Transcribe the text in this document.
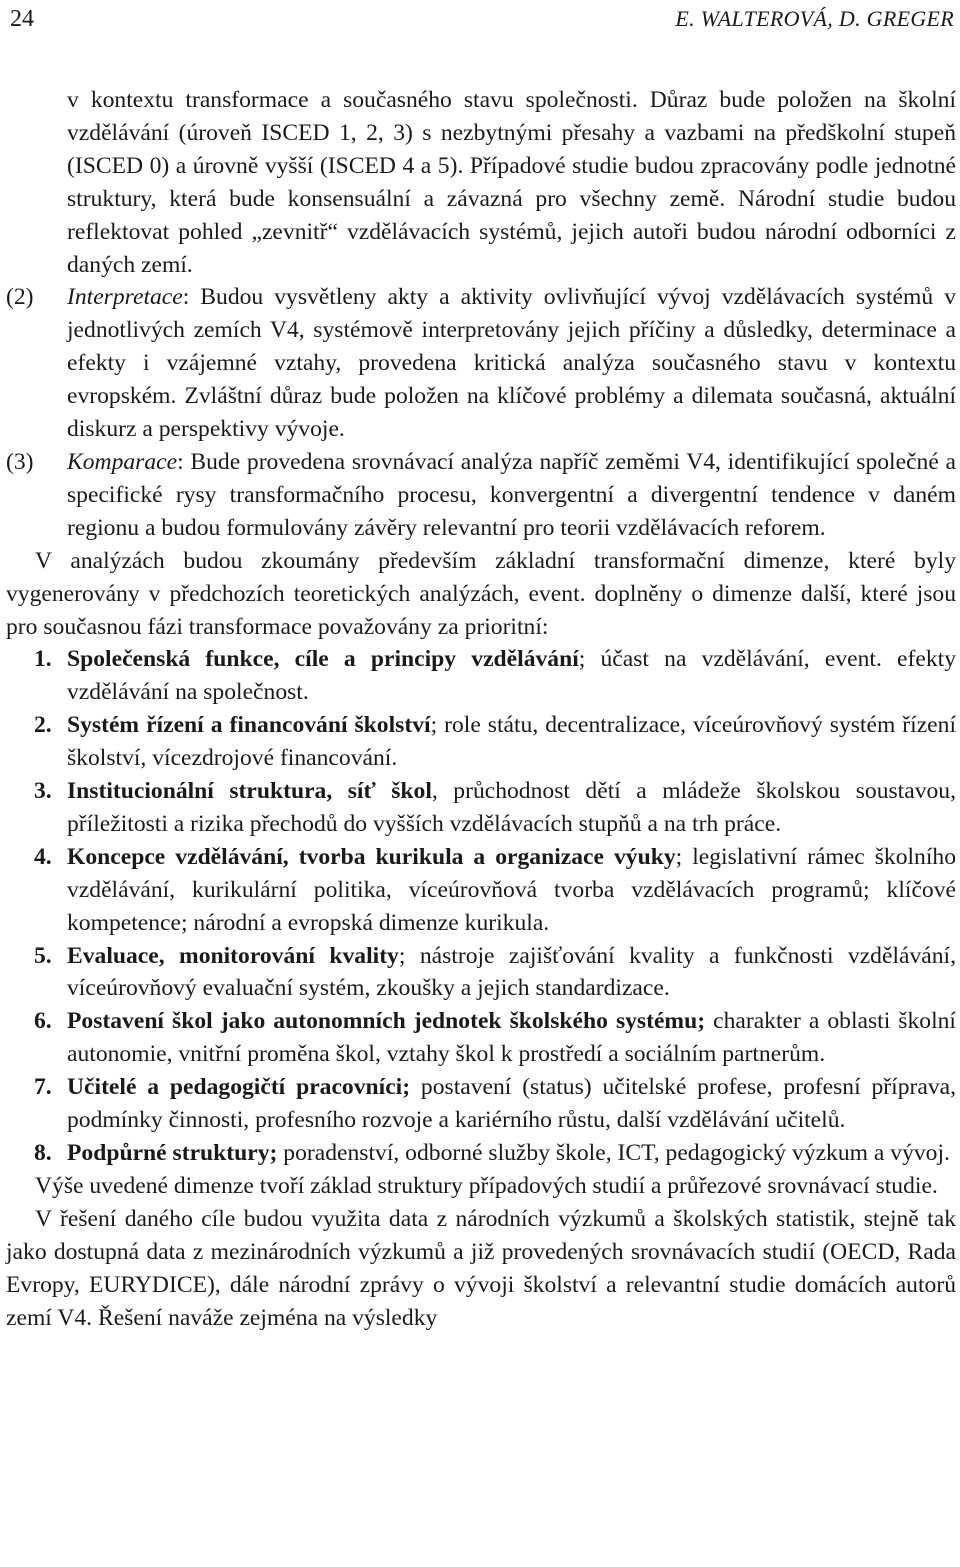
24	E. WALTEROVÁ, D. GREGER

v kontextu transformace a současného stavu společnosti. Důraz bude položen na školní vzdělávání (úroveň ISCED 1, 2, 3) s nezbytnými přesahy a vazbami na předškolní stupeň (ISCED 0) a úrovně vyšší (ISCED 4 a 5). Případové studie budou zpracovány podle jednotné struktury, která bude konsensuální a závazná pro všechny země. Národní studie budou reflektovat pohled „zevnitř“ vzdělávacích systémů, jejich autoři budou národní odborníci z daných zemí.

(2) Interpretace: Budou vysvětleny akty a aktivity ovlivňující vývoj vzdělávacích systémů v jednotlivých zemích V4, systémově interpretovány jejich příčiny a důsledky, determinace a efekty i vzájemné vztahy, provedena kritická analýza současného stavu v kontextu evropském. Zvláštní důraz bude položen na klíčové problémy a dilemata současná, aktuální diskurz a perspektivy vývoje.

(3) Komparace: Bude provedena srovnávací analýza napříč zeměmi V4, identifikující společné a specifické rysy transformačního procesu, konvergentní a divergentní tendence v daném regionu a budou formulovány závěry relevantní pro teorii vzdělávacích reforem.

V analýzách budou zkoumány především základní transformační dimenze, které byly vygenerovány v předchozích teoretických analýzách, event. doplněny o dimenze další, které jsou pro současnou fázi transformace považovány za prioritní:

1. Společenská funkce, cíle a principy vzdělávání; účast na vzdělávání, event. efekty vzdělávání na společnost.
2. Systém řízení a financování školství; role státu, decentralizace, víceúrovňový systém řízení školství, vícezdrojové financování.
3. Institucionální struktura, síť škol, průchodnost dětí a mládeže školskou soustavou, příležitosti a rizika přechodů do vyšších vzdělávacích stupňů a na trh práce.
4. Koncepce vzdělávání, tvorba kurikula a organizace výuky; legislativní rámec školního vzdělávání, kurikulární politika, víceúrovňová tvorba vzdělávacích programů; klíčové kompetence; národní a evropská dimenze kurikula.
5. Evaluace, monitorování kvality; nástroje zajišťování kvality a funkčnosti vzdělávání, víceúrovňový evaluační systém, zkoušky a jejich standardizace.
6. Postavení škol jako autonomních jednotek školského systému; charakter a oblasti školní autonomie, vnitřní proměna škol, vztahy škol k prostředí a sociálním partnerům.
7. Učitelé a pedagogičtí pracovníci; postavení (status) učitelské profese, profesní příprava, podmínky činnosti, profesního rozvoje a kariérního růstu, další vzdělávání učitelů.
8. Podpůrné struktury; poradenství, odborné služby škole, ICT, pedagogický výzkum a vývoj.

Výše uvedené dimenze tvoří základ struktury případových studií a průřezové srovnávací studie.

V řešení daného cíle budou využita data z národních výzkumů a školských statistik, stejně tak jako dostupná data z mezinárodních výzkumů a již provedených srovnávacích studií (OECD, Rada Evropy, EURYDICE), dále národní zprávy o vývoji školství a relevantní studie domácích autorů zemí V4. Řešení naváže zejména na výsledky
